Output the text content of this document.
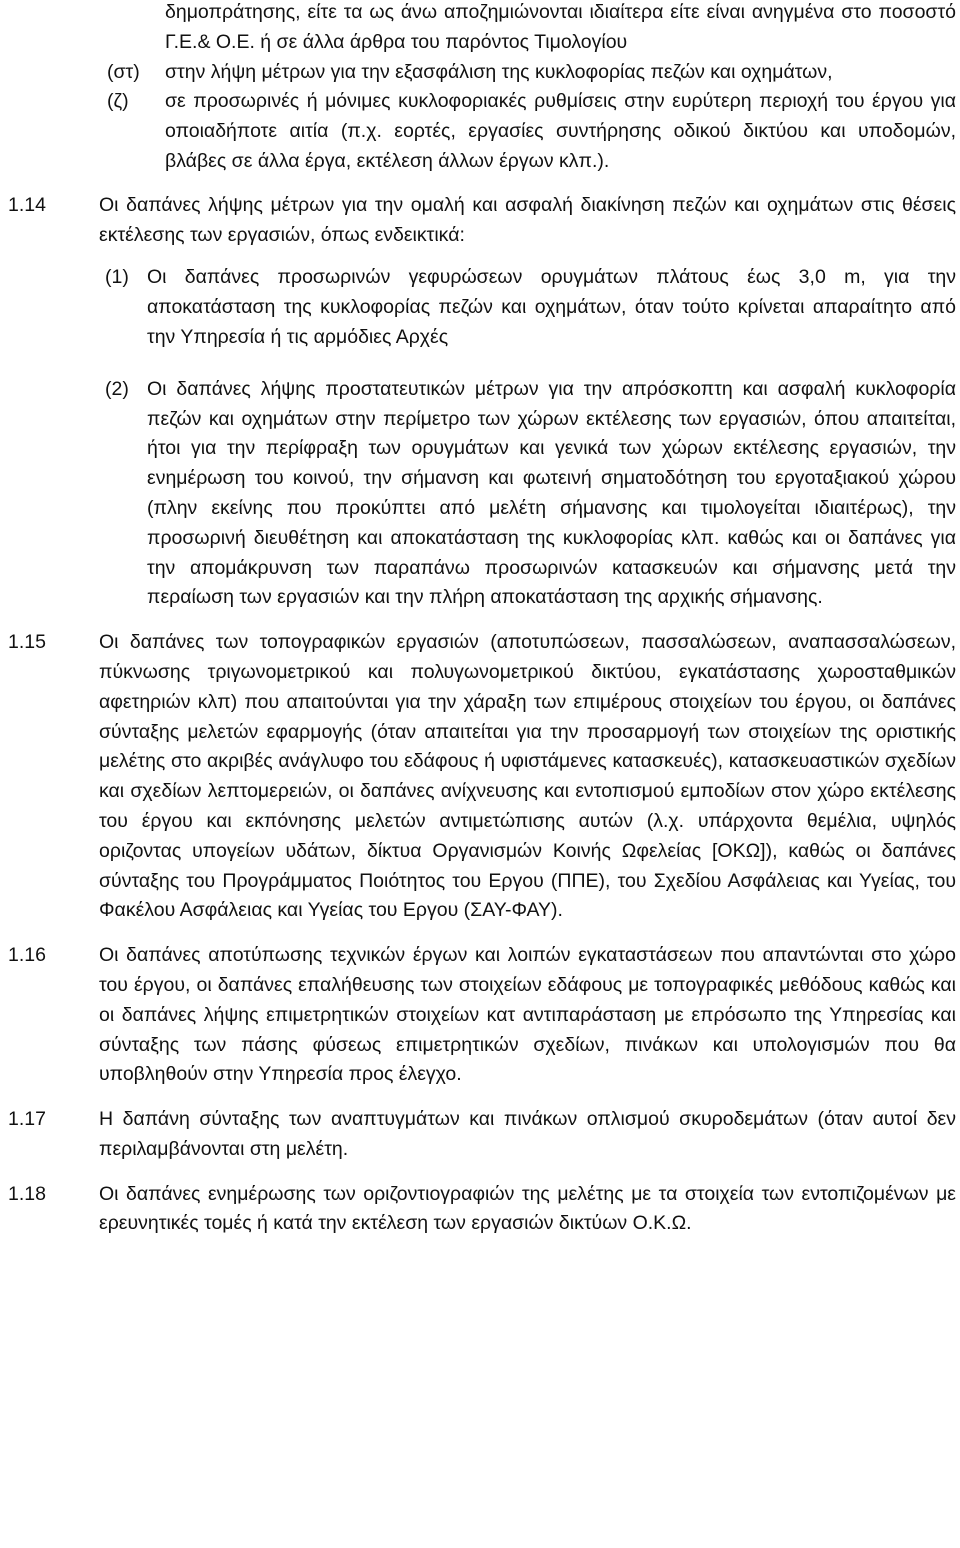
δημοπράτησης, είτε τα ως άνω αποζημιώνονται ιδιαίτερα είτε είναι ανηγμένα στο ποσοστό Γ.Ε.& Ο.Ε. ή σε άλλα άρθρα του παρόντος Τιμολογίου
(στ) στην λήψη μέτρων για την εξασφάλιση της κυκλοφορίας πεζών και οχημάτων,
(ζ) σε προσωρινές ή μόνιμες κυκλοφοριακές ρυθμίσεις στην ευρύτερη περιοχή του έργου για οποιαδήποτε αιτία (π.χ. εορτές, εργασίες συντήρησης οδικού δικτύου και υποδομών, βλάβες σε άλλα έργα, εκτέλεση άλλων έργων κλπ.).
1.14	Οι δαπάνες λήψης μέτρων για την ομαλή και ασφαλή διακίνηση πεζών και οχημάτων στις θέσεις εκτέλεσης των εργασιών, όπως ενδεικτικά:
(1) Οι δαπάνες προσωρινών γεφυρώσεων ορυγμάτων πλάτους έως 3,0 m, για την αποκατάσταση της κυκλοφορίας πεζών και οχημάτων, όταν τούτο κρίνεται απαραίτητο από την Υπηρεσία ή τις αρμόδιες Αρχές
(2) Οι δαπάνες λήψης προστατευτικών μέτρων για την απρόσκοπτη και ασφαλή κυκλοφορία πεζών και οχημάτων στην περίμετρο των χώρων εκτέλεσης των εργασιών, όπου απαιτείται, ήτοι για την περίφραξη των ορυγμάτων και γενικά των χώρων εκτέλεσης εργασιών, την ενημέρωση του κοινού, την σήμανση και φωτεινή σηματοδότηση του εργοταξιακού χώρου (πλην εκείνης που προκύπτει από μελέτη σήμανσης και τιμολογείται ιδιαιτέρως), την προσωρινή διευθέτηση και αποκατάσταση της κυκλοφορίας κλπ. καθώς και οι δαπάνες για την απομάκρυνση των παραπάνω προσωρινών κατασκευών και σήμανσης μετά την περαίωση των εργασιών και την πλήρη αποκατάσταση της αρχικής σήμανσης.
1.15	Οι δαπάνες των τοπογραφικών εργασιών (αποτυπώσεων, πασσαλώσεων, αναπασσαλώσεων, πύκνωσης τριγωνομετρικού και πολυγωνομετρικού δικτύου, εγκατάστασης χωροσταθμικών αφετηριών κλπ) που απαιτούνται για την χάραξη των επιμέρους στοιχείων του έργου, οι δαπάνες σύνταξης μελετών εφαρμογής (όταν απαιτείται για την προσαρμογή των στοιχείων της οριστικής μελέτης στο ακριβές ανάγλυφο του εδάφους ή υφιστάμενες κατασκευές), κατασκευαστικών σχεδίων και σχεδίων λεπτομερειών, οι δαπάνες ανίχνευσης και εντοπισμού εμποδίων στον χώρο εκτέλεσης του έργου και εκπόνησης μελετών αντιμετώπισης αυτών (λ.χ. υπάρχοντα θεμέλια, υψηλός οριζοντας υπογείων υδάτων, δίκτυα Οργανισμών Κοινής Ωφελείας [ΟΚΩ]), καθώς οι δαπάνες σύνταξης του Προγράμματος Ποιότητος του Εργου (ΠΠΕ), του Σχεδίου Ασφάλειας και Υγείας, του Φακέλου Ασφάλειας και Υγείας του Εργου (ΣΑΥ-ΦΑΥ).
1.16	Οι δαπάνες αποτύπωσης τεχνικών έργων και λοιπών εγκαταστάσεων που απαντώνται στο χώρο του έργου, οι δαπάνες επαλήθευσης των στοιχείων εδάφους με τοπογραφικές μεθόδους καθώς και οι δαπάνες λήψης επιμετρητικών στοιχείων κατ αντιπαράσταση με επρόσωπο της Υπηρεσίας και σύνταξης των πάσης φύσεως επιμετρητικών σχεδίων, πινάκων και υπολογισμών που θα υποβληθούν στην Υπηρεσία προς έλεγχο.
1.17	Η δαπάνη σύνταξης των αναπτυγμάτων και πινάκων οπλισμού σκυροδεμάτων (όταν αυτοί δεν περιλαμβάνονται στη μελέτη.
1.18	Οι δαπάνες ενημέρωσης των οριζοντιογραφιών της μελέτης με τα στοιχεία των εντοπιζομένων με ερευνητικές τομές ή κατά την εκτέλεση των εργασιών δικτύων Ο.Κ.Ω.
